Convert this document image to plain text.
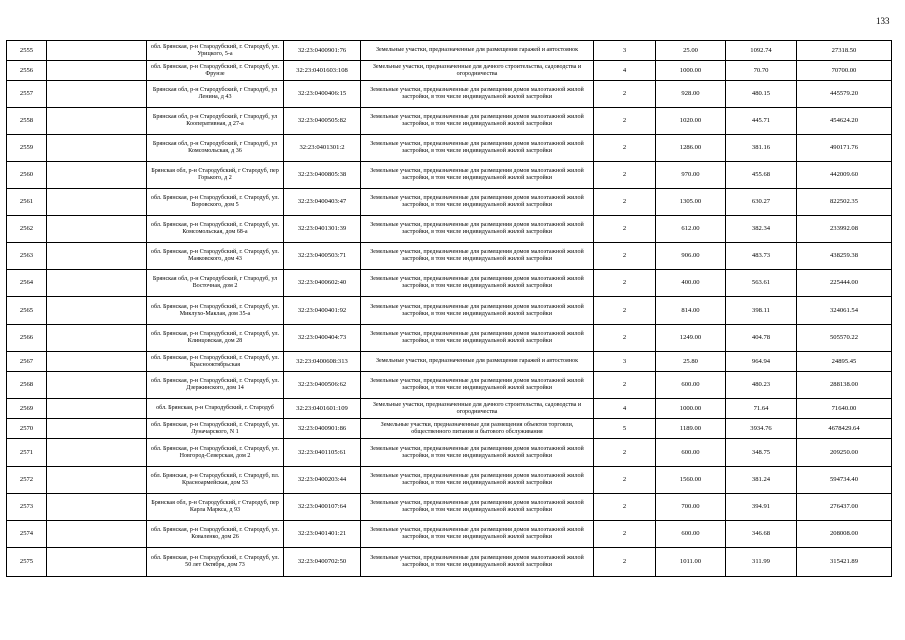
133
2555		обл. Брянская, р-н Стародубский, г. Стародуб, ул. Урицкого, 5-а	32:23:0400901:76	Земельные участки, предназначенные для размещения гаражей и автостоянок	3	25.00	1092.74	27318.50
2556		обл. Брянская, р-н Стародубский, г. Стародуб, ул. Фрунзе	32:23:0401603:108	Земельные участки, предназначенные для дачного строительства, садоводства и огородничества	4	1000.00	70.70	70700.00
2557		Брянская обл, р-н Стародубский, г Стародуб, ул Ленина, д 43	32:23:0400406:15	Земельные участки, предназначенные для размещения домов малоэтажной жилой застройки, в том числе индивидуальной жилой застройки	2	928.00	480.15	445579.20
2558		Брянская обл, р-н Стародубский, г Стародуб, ул Кооперативная, д 27-а	32:23:0400505:82	Земельные участки, предназначенные для размещения домов малоэтажной жилой застройки, в том числе индивидуальной жилой застройки	2	1020.00	445.71	454624.20
2559		Брянская обл, р-н Стародубский, г Стародуб, ул Комсомольская, д 36	32:23:0401301:2	Земельные участки, предназначенные для размещения домов малоэтажной жилой застройки, в том числе индивидуальной жилой застройки	2	1286.00	381.16	490171.76
2560		Брянская обл, р-н Стародубский, г Стародуб, пер Горького, д 2	32:23:0400805:38	Земельные участки, предназначенные для размещения домов малоэтажной жилой застройки, в том числе индивидуальной жилой застройки	2	970.00	455.68	442009.60
2561		обл. Брянская, р-н Стародубский, г. Стародуб, ул. Воровского, дом 5	32:23:0400403:47	Земельные участки, предназначенные для размещения домов малоэтажной жилой застройки, в том числе индивидуальной жилой застройки	2	1305.00	630.27	822502.35
2562		обл. Брянская, р-н Стародубский, г. Стародуб, ул. Комсомольская, дом 68-а	32:23:0401301:39	Земельные участки, предназначенные для размещения домов малоэтажной жилой застройки, в том числе индивидуальной жилой застройки	2	612.00	382.34	233992.08
2563		обл. Брянская, р-н Стародубский, г. Стародуб, ул. Маяковского, дом 43	32:23:0400503:71	Земельные участки, предназначенные для размещения домов малоэтажной жилой застройки, в том числе индивидуальной жилой застройки	2	906.00	483.73	438259.38
2564		Брянская обл, р-н Стародубский, г Стародуб, ул Восточная, дом 2	32:23:0400602:40	Земельные участки, предназначенные для размещения домов малоэтажной жилой застройки, в том числе индивидуальной жилой застройки	2	400.00	563.61	225444.00
2565		обл. Брянская, р-н Стародубский, г. Стародуб, ул. Миклухо-Маклая, дом 35-а	32:23:0400401:92	Земельные участки, предназначенные для размещения домов малоэтажной жилой застройки, в том числе индивидуальной жилой застройки	2	814.00	398.11	324061.54
2566		обл. Брянская, р-н Стародубский, г. Стародуб, ул. Клинцовская, дом 28	32:23:0400404:73	Земельные участки, предназначенные для размещения домов малоэтажной жилой застройки, в том числе индивидуальной жилой застройки	2	1249.00	404.78	505570.22
2567		обл. Брянская, р-н Стародубский, г. Стародуб, ул. Краснооктябрьская	32:23:0400608:313	Земельные участки, предназначенные для размещения гаражей и автостоянок	3	25.80	964.94	24895.45
2568		обл. Брянская, р-н Стародубский, г. Стародуб, ул. Дзержинского, дом 14	32:23:0400506:62	Земельные участки, предназначенные для размещения домов малоэтажной жилой застройки, в том числе индивидуальной жилой застройки	2	600.00	480.23	288138.00
2569		обл. Брянская, р-н Стародубский, г. Стародуб	32:23:0401601:109	Земельные участки, предназначенные для дачного строительства, садоводства и огородничества	4	1000.00	71.64	71640.00
2570		обл. Брянская, р-н Стародубский, г. Стародуб, ул. Луначарского, N 1	32:23:0400901:86	Земельные участки, предназначенные для размещения объектов торговли, общественного питания и бытового обслуживания	5	1189.00	3934.76	4678429.64
2571		обл. Брянская, р-н Стародубский, г. Стародуб, ул. Новгород-Северская, дом 2	32:23:0401105:61	Земельные участки, предназначенные для размещения домов малоэтажной жилой застройки, в том числе индивидуальной жилой застройки	2	600.00	348.75	209250.00
2572		обл. Брянская, р-н Стародубский, г. Стародуб, пл. Красноармейская, дом 53	32:23:0400203:44	Земельные участки, предназначенные для размещения домов малоэтажной жилой застройки, в том числе индивидуальной жилой застройки	2	1560.00	381.24	594734.40
2573		Брянская обл, р-н Стародубский, г Стародуб, пер Карла Маркса, д 93	32:23:0400107:64	Земельные участки, предназначенные для размещения домов малоэтажной жилой застройки, в том числе индивидуальной жилой застройки	2	700.00	394.91	276437.00
2574		обл. Брянская, р-н Стародубский, г. Стародуб, ул. Коваленко, дом 26	32:23:0401401:21	Земельные участки, предназначенные для размещения домов малоэтажной жилой застройки, в том числе индивидуальной жилой застройки	2	600.00	346.68	208008.00
2575		обл. Брянская, р-н Стародубский, г. Стародуб, ул. 50 лет Октября, дом 73	32:23:0400702:50	Земельные участки, предназначенные для размещения домов малоэтажной жилой застройки, в том числе индивидуальной жилой застройки	2	1011.00	311.99	315421.89
